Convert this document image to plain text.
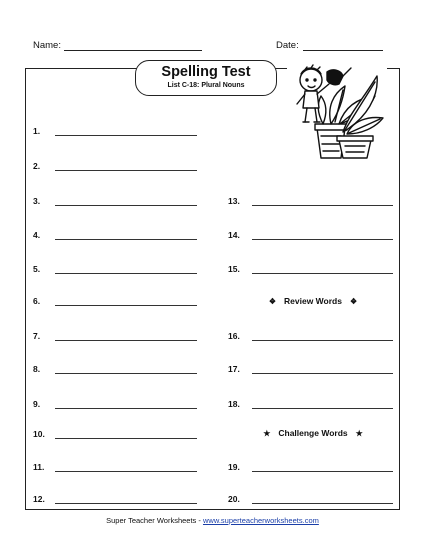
Name:	Date:
Spelling Test
List C-18: Plural Nouns
1.
2.
3.
4.
5.
6.
7.
8.
9.
10.
11.
12.
13.
14.
15.
16.
17.
18.
19.
20.
❖ Review Words ❖
★ Challenge Words ★
Super Teacher Worksheets - www.superteacherworksheets.com
